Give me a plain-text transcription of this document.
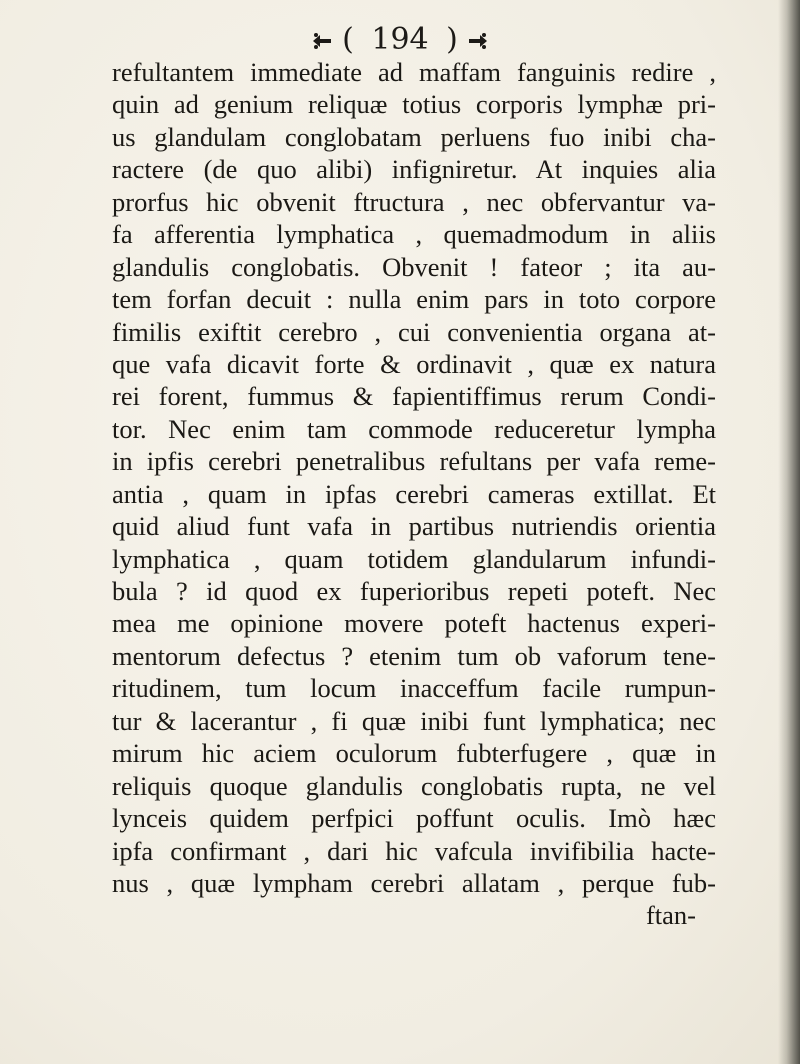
( 194 )
refultantem immediate ad maffam fanguinis redire ,
quin ad genium reliquæ totius corporis lymphæ pri-
us glandulam conglobatam perluens fuo inibi cha-
ractere (de quo alibi) infigniretur. At inquies alia
prorfus hic obvenit ftructura , nec obfervantur va-
fa afferentia lymphatica , quemadmodum in aliis
glandulis conglobatis. Obvenit ! fateor ; ita au-
tem forfan decuit : nulla enim pars in toto corpore
fimilis exiftit cerebro , cui convenientia organa at-
que vafa dicavit forte & ordinavit , quæ ex natura
rei forent, fummus & fapientiffimus rerum Condi-
tor. Nec enim tam commode reduceretur lympha
in ipfis cerebri penetralibus refultans per vafa reme-
antia , quam in ipfas cerebri cameras extillat. Et
quid aliud funt vafa in partibus nutriendis orientia
lymphatica , quam totidem glandularum infundi-
bula ? id quod ex fuperioribus repeti poteft. Nec
mea me opinione movere poteft hactenus experi-
mentorum defectus ? etenim tum ob vaforum tene-
ritudinem, tum locum inacceffum facile rumpun-
tur & lacerantur , fi quæ inibi funt lymphatica; nec
mirum hic aciem oculorum fubterfugere , quæ in
reliquis quoque glandulis conglobatis rupta, ne vel
lynceis quidem perfpici poffunt oculis. Imò hæc
ipfa confirmant , dari hic vafcula invifibilia hacte-
nus , quæ lympham cerebri allatam , perque fub-
ftan-
